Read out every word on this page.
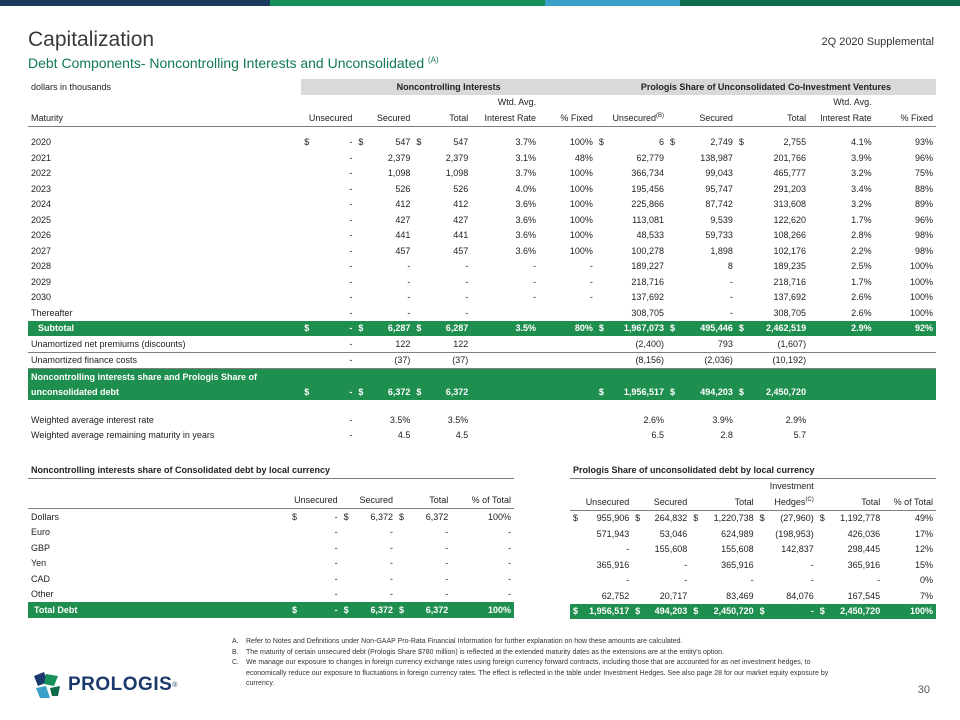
Capitalization	2Q 2020 Supplemental
Debt Components- Noncontrolling Interests and Unconsolidated $^{(A)}$
dollars in thousands	Noncontrolling Interests								Prologis Share of Unconsolidated Co-Investment Ventures							
							Wtd. Avg.								Wtd. Avg.	
Maturity	Unsecured		Secured		Total		Interest Rate	% Fixed	Unsecured$^{(B)}$		Secured		Total		Interest Rate	% Fixed

2020	$	-	$	547	$	547	3.7%	100%	$	6	$	2,749	$	2,755	4.1%	93%
2021		-		2,379		2,379	3.1%	48%		62,779		138,987		201,766	3.9%	96%
2022		-		1,098		1,098	3.7%	100%		366,734		99,043		465,777	3.2%	75%
2023		-		526		526	4.0%	100%		195,456		95,747		291,203	3.4%	88%
2024		-		412		412	3.6%	100%		225,866		87,742		313,608	3.2%	89%
2025		-		427		427	3.6%	100%		113,081		9,539		122,620	1.7%	96%
2026		-		441		441	3.6%	100%		48,533		59,733		108,266	2.8%	98%
2027		-		457		457	3.6%	100%		100,278		1,898		102,176	2.2%	98%
2028		-		-		-	-	-		189,227		8		189,235	2.5%	100%
2029		-		-		-	-	-		218,716		-		218,716	1.7%	100%
2030		-		-		-	-	-		137,692		-		137,692	2.6%	100%
Thereafter		-		-		-				308,705		-		308,705	2.6%	100%
Subtotal	$	-	$	6,287	$	6,287	3.5%	80%	$	1,967,073	$	495,446	$	2,462,519	2.9%	92%
Unamortized net premiums (discounts)	-		122		122				(2,400)		793		(1,607)			
Unamortized finance costs	-		(37)		(37)				(8,156)		(2,036)		(10,192)			
Noncontrolling interests share and Prologis Share of																
unconsolidated debt	$	-	$	6,372	$	6,372			$	1,956,517	$	494,203	$	2,450,720		

Weighted average interest rate	-		3.5%		3.5%				2.6%		3.9%		2.9%			
Weighted average remaining maturity in years	-		4.5		4.5				6.5		2.8		5.7			
Noncontrolling interests share of Consolidated debt by local currency							

	Unsecured		Secured		Total		% of Total
Dollars	$	-	$	6,372	$	6,372	100%
Euro		-		-		-	-
GBP		-		-		-	-
Yen		-		-		-	-
CAD		-		-		-	-
Other		-		-		-	-
Total Debt	$	-	$	6,372	$	6,372	100%
Prologis Share of unconsolidated debt by local currency										
						Investment				
Unsecured		Secured		Total		Hedges$^{(C)}$		Total		% of Total
$	955,906	$	264,832	$	1,220,738	$	(27,960)	$	1,192,778	49%
	571,943		53,046		624,989		(198,953)		426,036	17%
	-		155,608		155,608		142,837		298,445	12%
	365,916		-		365,916		-		365,916	15%
	-		-		-		-		-	0%
	62,752		20,717		83,469		84,076		167,545	7%
$	1,956,517	$	494,203	$	2,450,720	$	-	$	2,450,720	100%
A.	Refer to Notes and Definitions under Non-GAAP Pro-Rata Financial Information for further explanation on how these amounts are calculated.
B.	The maturity of certain unsecured debt (Prologis Share $780 million) is reflected at the extended maturity dates as the extensions are at the entity's option.
C.	We manage our exposure to changes in foreign currency exchange rates using foreign currency forward contracts, including those that are accounted for as net investment hedges, to economically reduce our exposure to fluctuations in foreign currency rates. The effect is reflected in the table under Investment Hedges. See also page 28 for our market equity exposure by currency.
PROLOGIS ®	30
